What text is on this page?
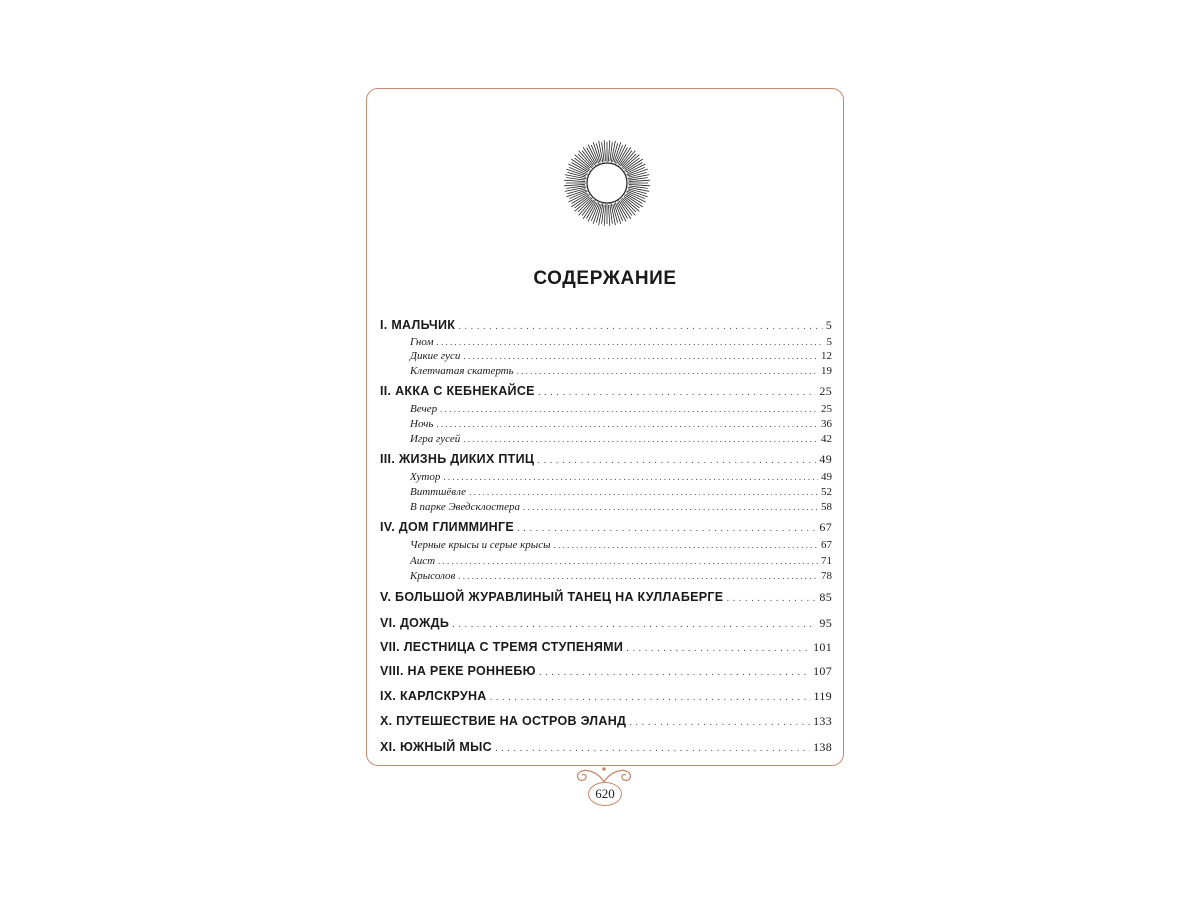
СОДЕРЖАНИЕ
I. МАЛЬЧИК . . .	5
Гном . . .	5
Дикие гуси . . .	12
Клетчатая скатерть . . .	19
II. АККА С КЕБНЕКАЙСЕ . . .	25
Вечер . . .	25
Ночь . . .	36
Игра гусей . . .	42
III. ЖИЗНЬ ДИКИХ ПТИЦ . . .	49
Хутор . . .	49
Виттшёвле . . .	52
В парке Эведсклостера . . .	58
IV. ДОМ ГЛИММИНГЕ . . .	67
Черные крысы и серые крысы . . .	67
Аист . . .	71
Крысолов . . .	78
V. БОЛЬШОЙ ЖУРАВЛИНЫЙ ТАНЕЦ НА КУЛЛАБЕРГЕ . . .	85
VI. ДОЖДЬ . . .	95
VII. ЛЕСТНИЦА С ТРЕМЯ СТУПЕНЯМИ . . .	101
VIII. НА РЕКЕ РОННЕБЮ . . .	107
IX. КАРЛСКРУНА . . .	119
X. ПУТЕШЕСТВИЕ НА ОСТРОВ ЭЛАНД . . .	133
XI. ЮЖНЫЙ МЫС . . .	138
620
